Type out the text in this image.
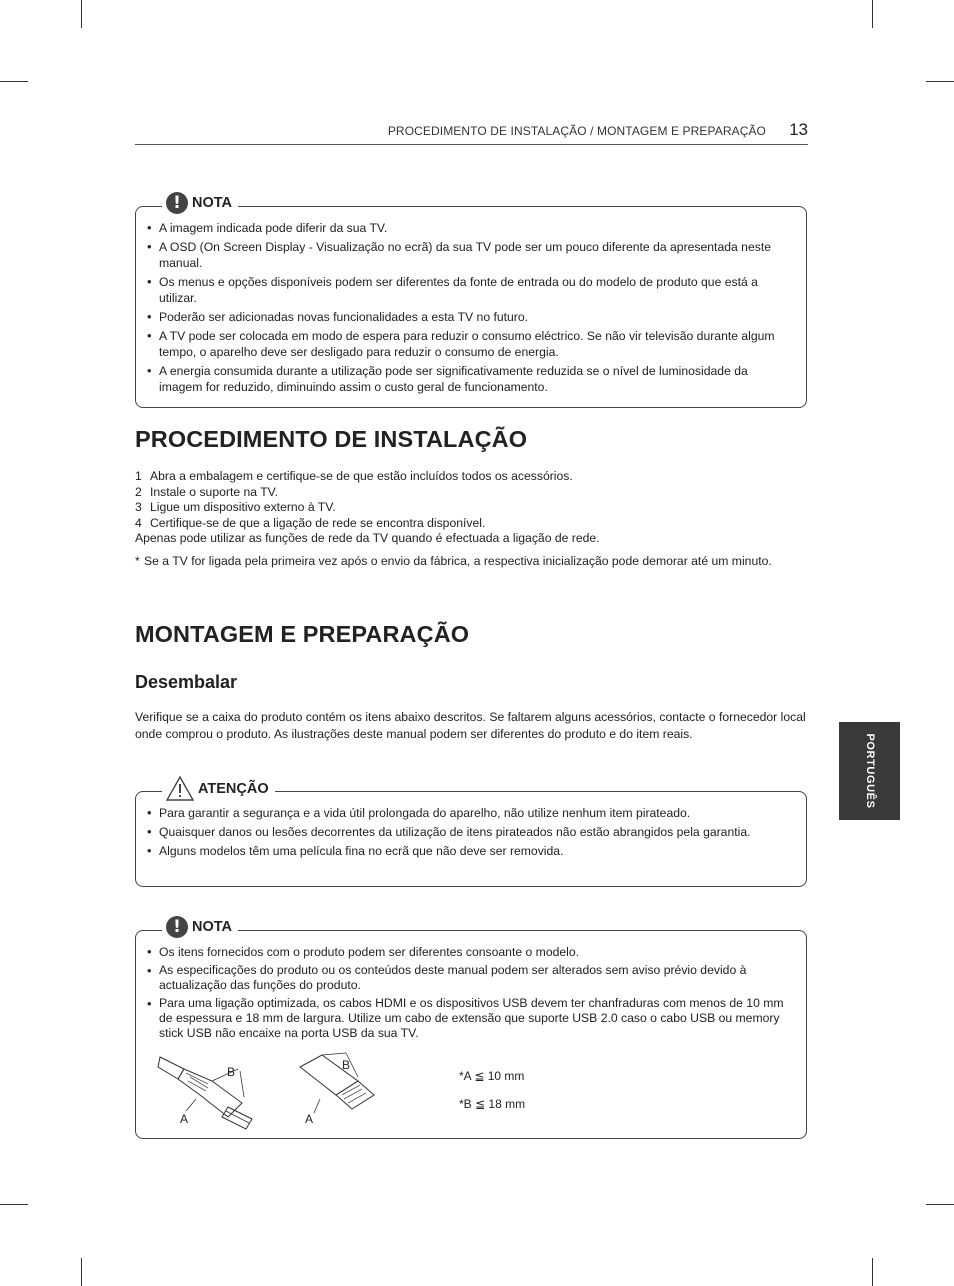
PROCEDIMENTO DE INSTALAÇÃO / MONTAGEM E PREPARAÇÃO 13
! NOTA
• A imagem indicada pode diferir da sua TV.
• A OSD (On Screen Display - Visualização no ecrã) da sua TV pode ser um pouco diferente da apresentada neste manual.
• Os menus e opções disponíveis podem ser diferentes da fonte de entrada ou do modelo de produto que está a utilizar.
• Poderão ser adicionadas novas funcionalidades a esta TV no futuro.
• A TV pode ser colocada em modo de espera para reduzir o consumo eléctrico. Se não vir televisão durante algum tempo, o aparelho deve ser desligado para reduzir o consumo de energia.
• A energia consumida durante a utilização pode ser significativamente reduzida se o nível de luminosidade da imagem for reduzido, diminuindo assim o custo geral de funcionamento.
PROCEDIMENTO DE INSTALAÇÃO
1 Abra a embalagem e certifique-se de que estão incluídos todos os acessórios.
2 Instale o suporte na TV.
3 Ligue um dispositivo externo à TV.
4 Certifique-se de que a ligação de rede se encontra disponível.
Apenas pode utilizar as funções de rede da TV quando é efectuada a ligação de rede.
* Se a TV for ligada pela primeira vez após o envio da fábrica, a respectiva inicialização pode demorar até um minuto.
MONTAGEM E PREPARAÇÃO
Desembalar
Verifique se a caixa do produto contém os itens abaixo descritos. Se faltarem alguns acessórios, contacte o fornecedor local onde comprou o produto. As ilustrações deste manual podem ser diferentes do produto e do item reais.
ATENÇÃO
• Para garantir a segurança e a vida útil prolongada do aparelho, não utilize nenhum item pirateado.
• Quaisquer danos ou lesões decorrentes da utilização de itens pirateados não estão abrangidos pela garantia.
• Alguns modelos têm uma película fina no ecrã que não deve ser removida.
! NOTA
• Os itens fornecidos com o produto podem ser diferentes consoante o modelo.
• As especificações do produto ou os conteúdos deste manual podem ser alterados sem aviso prévio devido à actualização das funções do produto.
• Para uma ligação optimizada, os cabos HDMI e os dispositivos USB devem ter chanfraduras com menos de 10 mm de espessura e 18 mm de largura. Utilize um cabo de extensão que suporte USB 2.0 caso o cabo USB ou memory stick USB não encaixe na porta USB da sua TV.
B
A
B
A
*A ≦ 10 mm
*B ≦ 18 mm
PORTUGUÊS
